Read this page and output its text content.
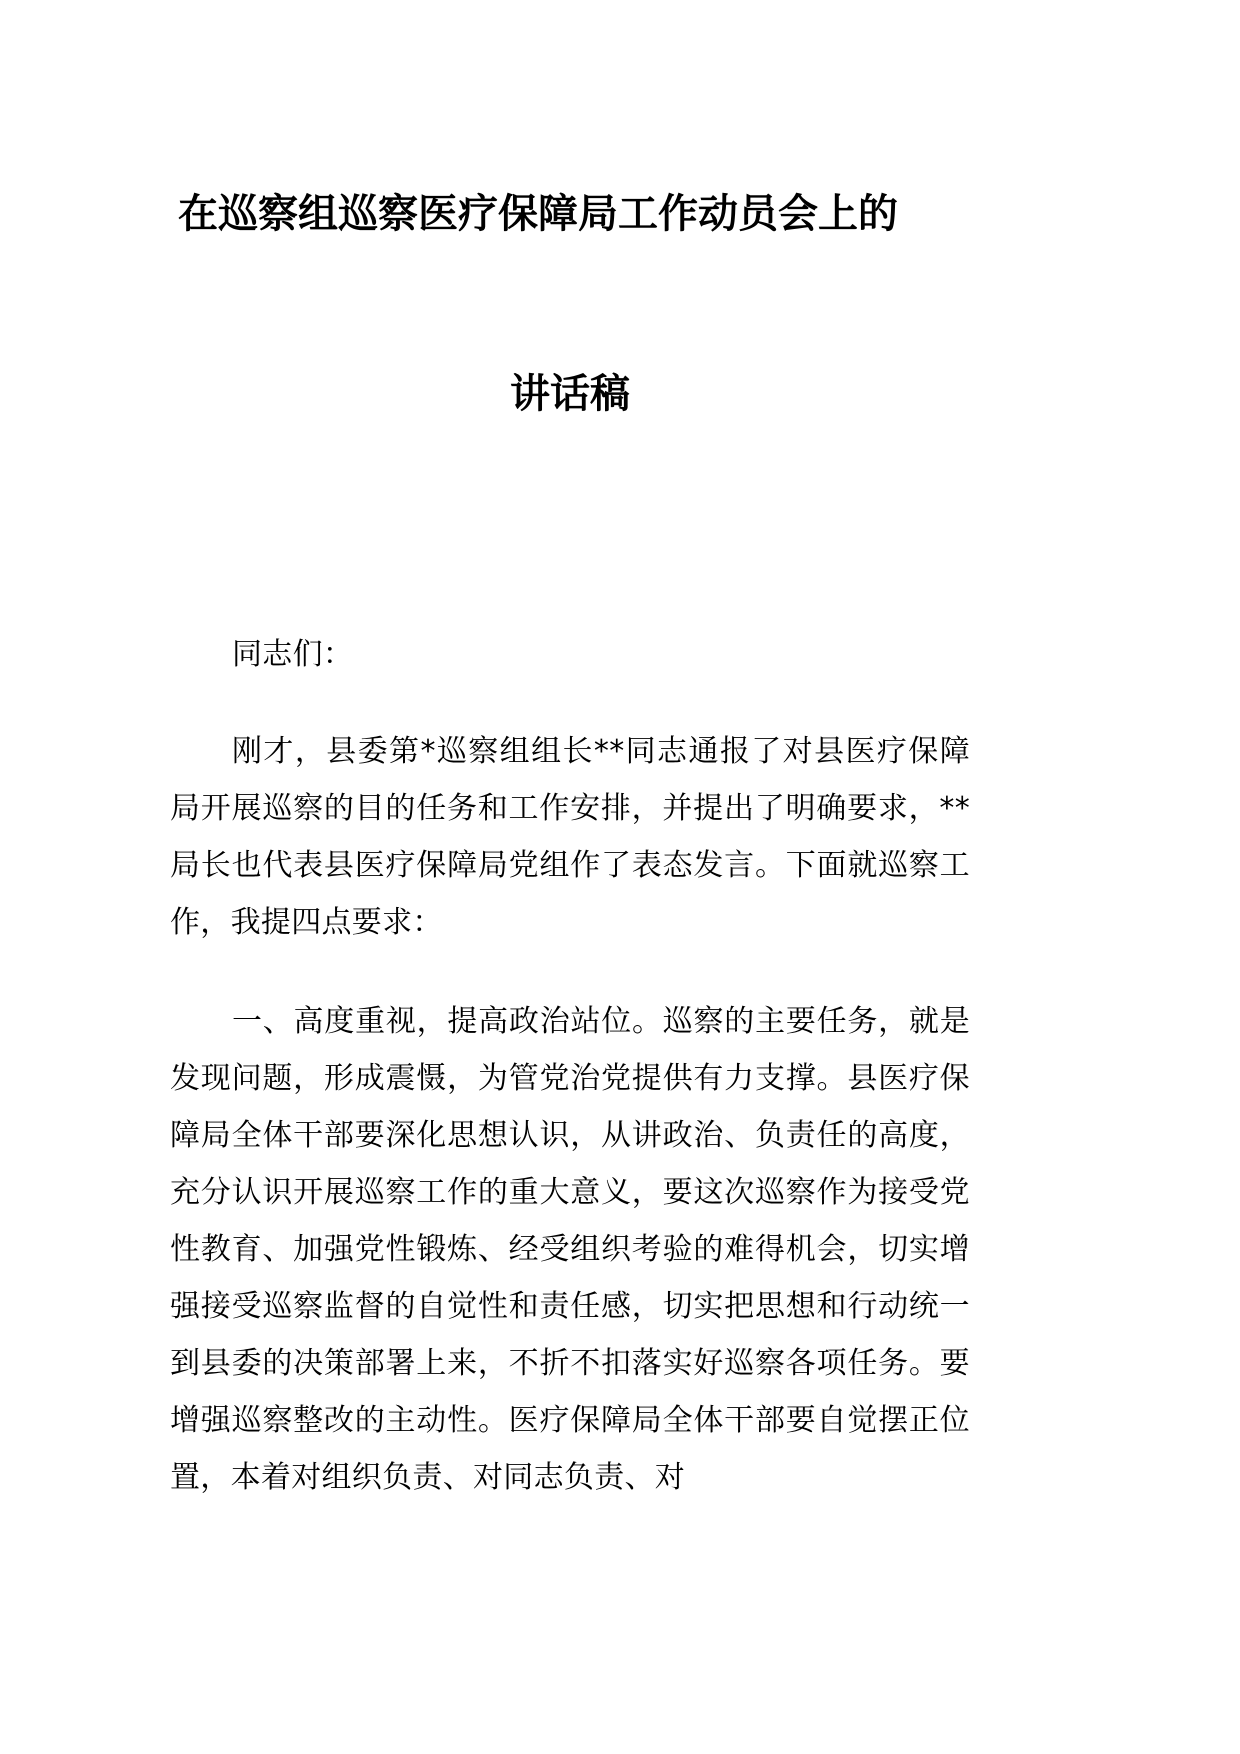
在巡察组巡察医疗保障局工作动员会上的
讲话稿

同志们：

刚才，县委第*巡察组组长**同志通报了对县医疗保障局开展巡察的目的任务和工作安排，并提出了明确要求，**局长也代表县医疗保障局党组作了表态发言。下面就巡察工作，我提四点要求：

一、高度重视，提高政治站位。巡察的主要任务，就是发现问题，形成震慑，为管党治党提供有力支撑。县医疗保障局全体干部要深化思想认识，从讲政治、负责任的高度，充分认识开展巡察工作的重大意义，要这次巡察作为接受党性教育、加强党性锻炼、经受组织考验的难得机会，切实增强接受巡察监督的自觉性和责任感，切实把思想和行动统一到县委的决策部署上来，不折不扣落实好巡察各项任务。要增强巡察整改的主动性。医疗保障局全体干部要自觉摆正位置，本着对组织负责、对同志负责、对
